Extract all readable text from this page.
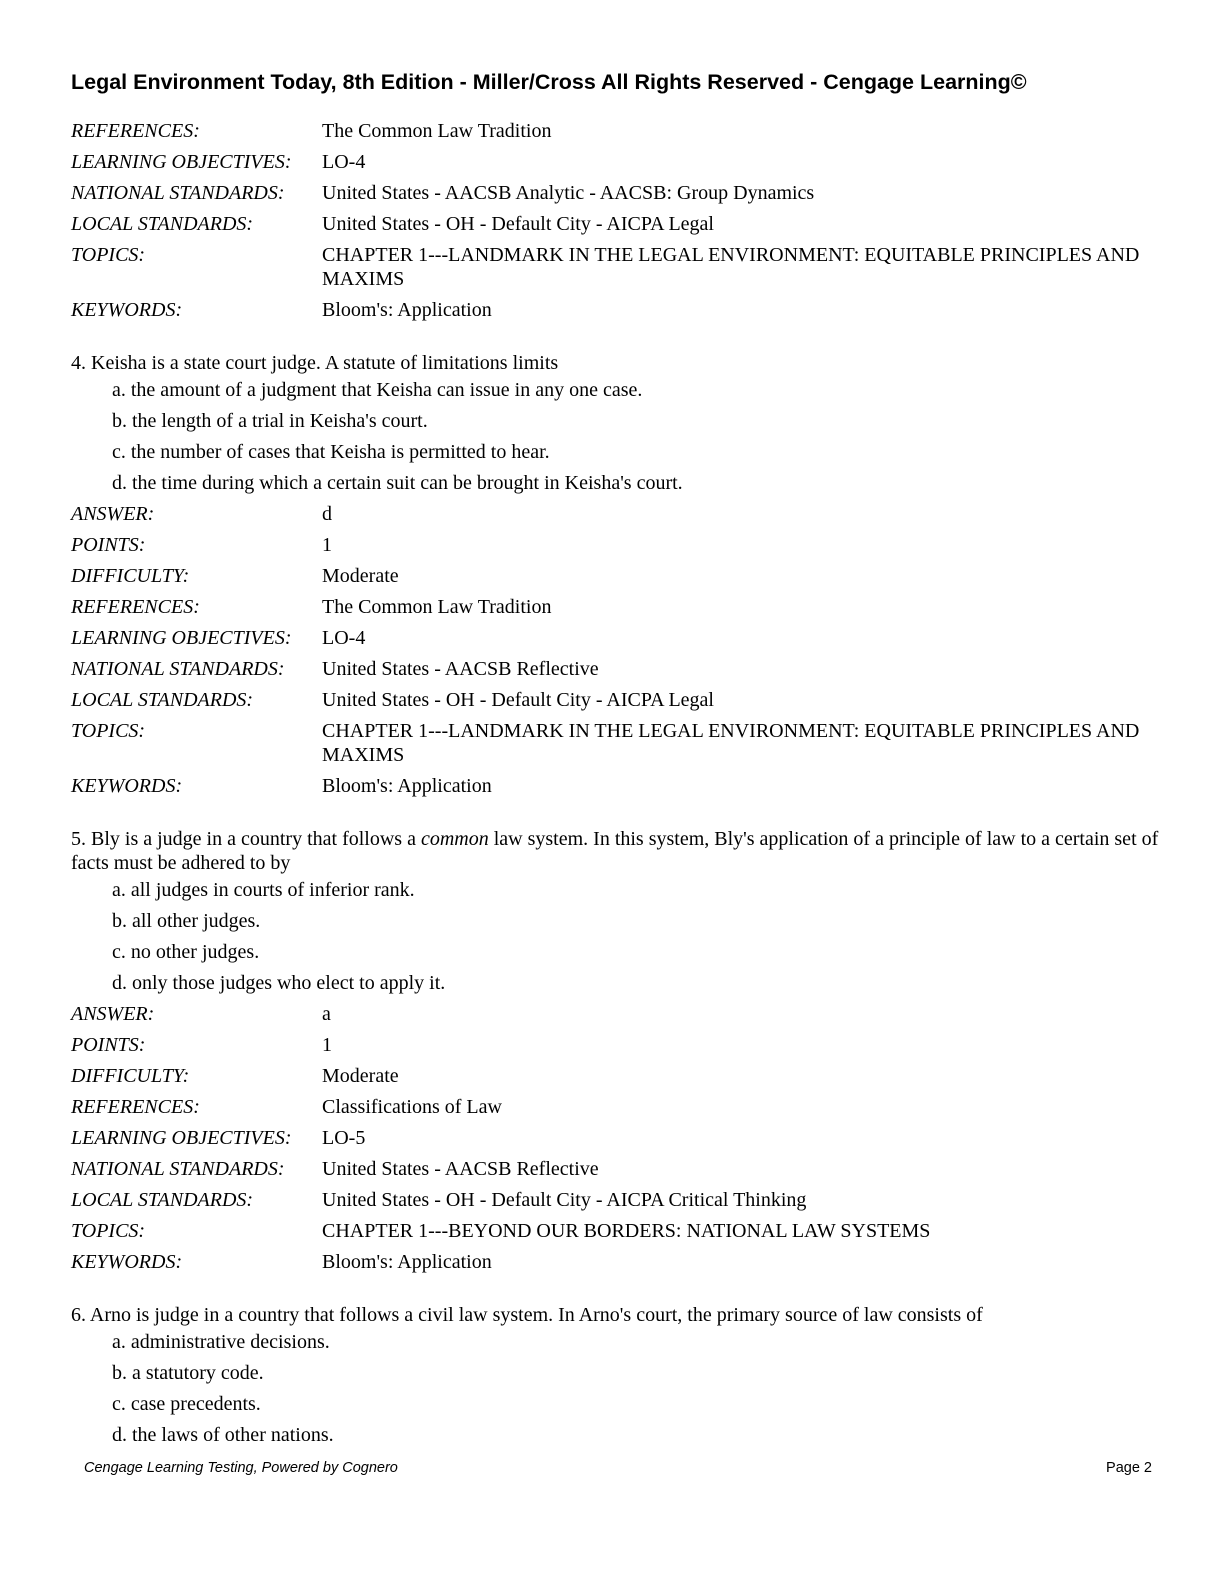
Legal Environment Today, 8th Edition - Miller/Cross All Rights Reserved - Cengage Learning©
REFERENCES:	The Common Law Tradition
LEARNING OBJECTIVES:	LO-4
NATIONAL STANDARDS:	United States - AACSB Analytic - AACSB: Group Dynamics
LOCAL STANDARDS:	United States - OH - Default City - AICPA Legal
TOPICS:	CHAPTER 1---LANDMARK IN THE LEGAL ENVIRONMENT: EQUITABLE PRINCIPLES AND MAXIMS
KEYWORDS:	Bloom's: Application
4. Keisha is a state court judge. A statute of limitations limits
a. the amount of a judgment that Keisha can issue in any one case.
b. the length of a trial in Keisha's court.
c. the number of cases that Keisha is permitted to hear.
d. the time during which a certain suit can be brought in Keisha's court.
ANSWER:	d
POINTS:	1
DIFFICULTY:	Moderate
REFERENCES:	The Common Law Tradition
LEARNING OBJECTIVES:	LO-4
NATIONAL STANDARDS:	United States - AACSB Reflective
LOCAL STANDARDS:	United States - OH - Default City - AICPA Legal
TOPICS:	CHAPTER 1---LANDMARK IN THE LEGAL ENVIRONMENT: EQUITABLE PRINCIPLES AND MAXIMS
KEYWORDS:	Bloom's: Application
5. Bly is a judge in a country that follows a common law system. In this system, Bly's application of a principle of law to a certain set of facts must be adhered to by
a. all judges in courts of inferior rank.
b. all other judges.
c. no other judges.
d. only those judges who elect to apply it.
ANSWER:	a
POINTS:	1
DIFFICULTY:	Moderate
REFERENCES:	Classifications of Law
LEARNING OBJECTIVES:	LO-5
NATIONAL STANDARDS:	United States - AACSB Reflective
LOCAL STANDARDS:	United States - OH - Default City - AICPA Critical Thinking
TOPICS:	CHAPTER 1---BEYOND OUR BORDERS: NATIONAL LAW SYSTEMS
KEYWORDS:	Bloom's: Application
6. Arno is judge in a country that follows a civil law system. In Arno's court, the primary source of law consists of
a. administrative decisions.
b. a statutory code.
c. case precedents.
d. the laws of other nations.
Cengage Learning Testing, Powered by Cognero	Page 2
